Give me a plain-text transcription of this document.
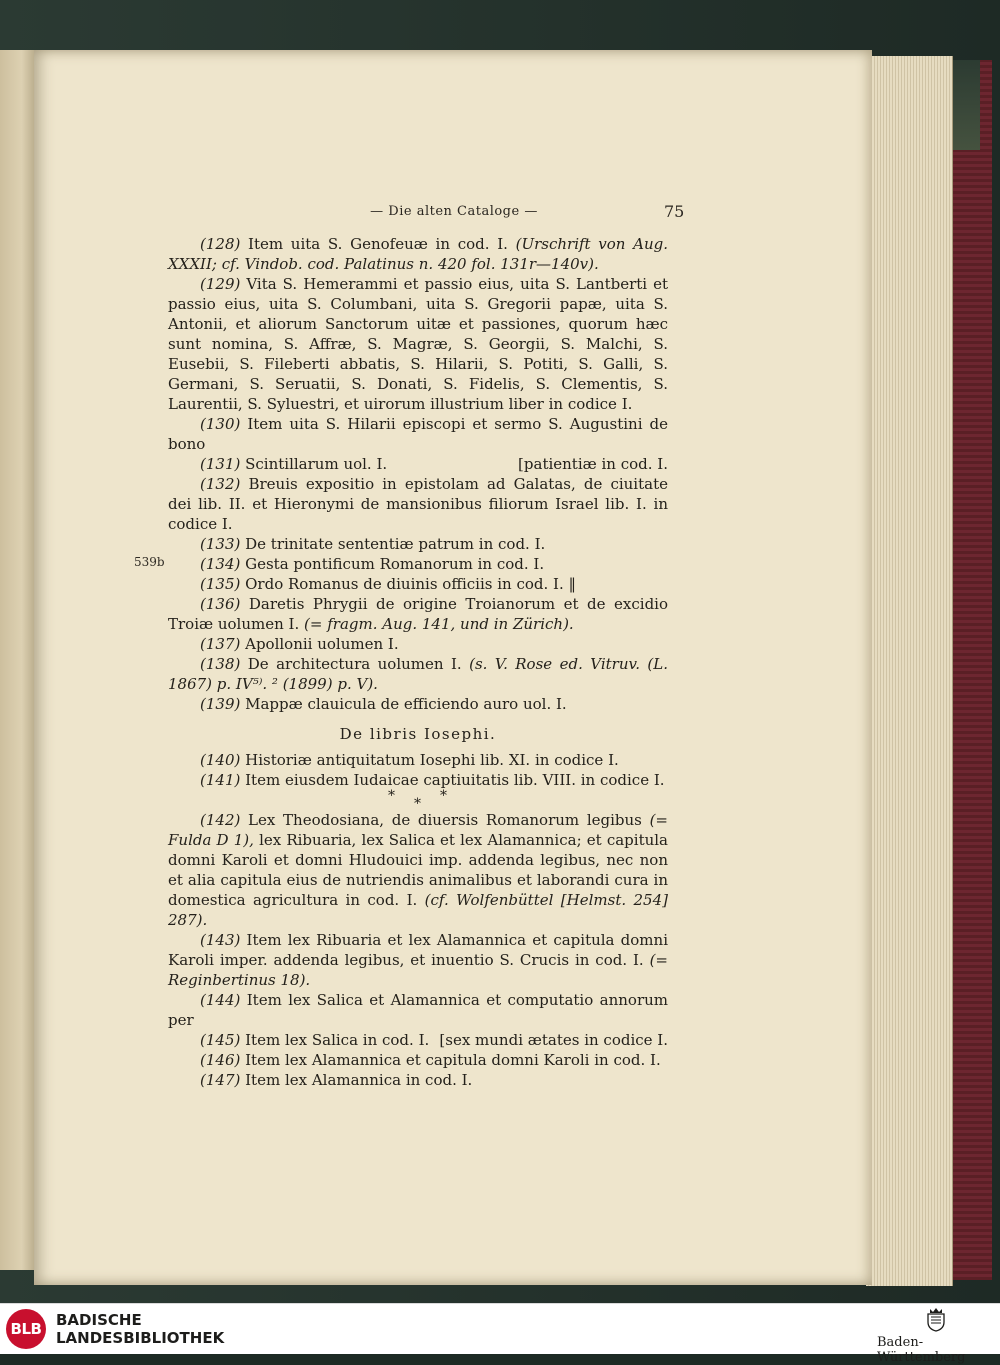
— Die alten Cataloge —	75
539b

(128) Item uita S. Genofeuæ in cod. I. (Urschrift von Aug. XXXII; cf. Vindob. cod. Palatinus n. 420 fol. 131r—140v).

(129) Vita S. Hemerammi et passio eius, uita S. Lantberti et passio eius, uita S. Columbani, uita S. Gregorii papæ, uita S. Antonii, et aliorum Sanctorum uitæ et passiones, quorum hæc sunt nomina, S. Affræ, S. Magræ, S. Georgii, S. Malchi, S. Eusebii, S. Fileberti abbatis, S. Hilarii, S. Potiti, S. Galli, S. Germani, S. Seruatii, S. Donati, S. Fidelis, S. Clementis, S. Laurentii, S. Syluestri, et uirorum illustrium liber in codice I.

(130) Item uita S. Hilarii episcopi et sermo S. Augustini de bono

(131) Scintillarum uol. I.	[patientiæ in cod. I.

(132) Breuis expositio in epistolam ad Galatas, de ciuitate dei lib. II. et Hieronymi de mansionibus filiorum Israel lib. I. in codice I.

(133) De trinitate sententiæ patrum in cod. I.

(134) Gesta pontificum Romanorum in cod. I.

(135) Ordo Romanus de diuinis officiis in cod. I. ‖

(136) Daretis Phrygii de origine Troianorum et de excidio Troiæ uolumen I. (= fragm. Aug. 141, und in Zürich).

(137) Apollonii uolumen I.

(138) De architectura uolumen I. (s. V. Rose ed. Vitruv. (L. 1867) p. IV⁵⁾. ² (1899) p. V).

(139) Mappæ clauicula de efficiendo auro uol. I.

De libris Iosephi.

(140) Historiæ antiquitatum Iosephi lib. XI. in codice I.

(141) Item eiusdem Iudaicae captiuitatis lib. VIII. in codice I.

* * *

(142) Lex Theodosiana, de diuersis Romanorum legibus (= Fulda D 1), lex Ribuaria, lex Salica et lex Alamannica; et capitula domni Karoli et domni Hludouici imp. addenda legibus, nec non et alia capitula eius de nutriendis animalibus et laborandi cura in domestica agricultura in cod. I. (cf. Wolfenbüttel [Helmst. 254] 287).

(143) Item lex Ribuaria et lex Alamannica et capitula domni Karoli imper. addenda legibus, et inuentio S. Crucis in cod. I. (= Reginbertinus 18).

(144) Item lex Salica et Alamannica et computatio annorum per

(145) Item lex Salica in cod. I. [sex mundi ætates in codice I.

(146) Item lex Alamannica et capitula domni Karoli in cod. I.

(147) Item lex Alamannica in cod. I.

BLB BADISCHE
LANDESBIBLIOTHEK	Baden-Württemberg
